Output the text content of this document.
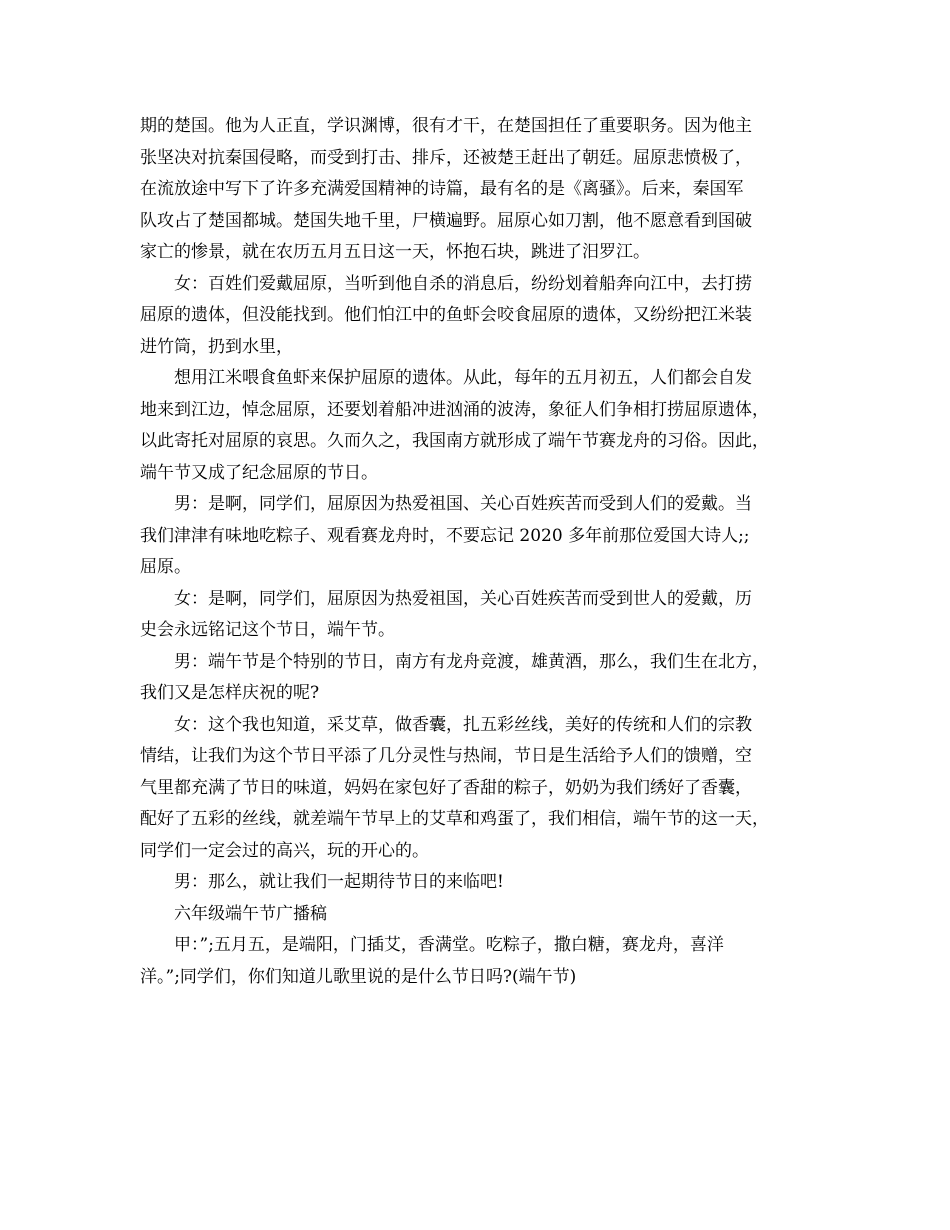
期的楚国。他为人正直，学识渊博，很有才干，在楚国担任了重要职务。因为他主
张坚决对抗秦国侵略，而受到打击、排斥，还被楚王赶出了朝廷。屈原悲愤极了，
在流放途中写下了许多充满爱国精神的诗篇，最有名的是《离骚》。后来，秦国军
队攻占了楚国都城。楚国失地千里，尸横遍野。屈原心如刀割，他不愿意看到国破
家亡的惨景，就在农历五月五日这一天，怀抱石块，跳进了汨罗江。
女：百姓们爱戴屈原，当听到他自杀的消息后，纷纷划着船奔向江中，去打捞
屈原的遗体，但没能找到。他们怕江中的鱼虾会咬食屈原的遗体，又纷纷把江米装
进竹筒，扔到水里，
想用江米喂食鱼虾来保护屈原的遗体。从此，每年的五月初五，人们都会自发
地来到江边，悼念屈原，还要划着船冲进汹涌的波涛，象征人们争相打捞屈原遗体，
以此寄托对屈原的哀思。久而久之，我国南方就形成了端午节赛龙舟的习俗。因此，
端午节又成了纪念屈原的节日。
男：是啊，同学们，屈原因为热爱祖国、关心百姓疾苦而受到人们的爱戴。当
我们津津有味地吃粽子、观看赛龙舟时，不要忘记 2020 多年前那位爱国大诗人;;
屈原。
女：是啊，同学们，屈原因为热爱祖国，关心百姓疾苦而受到世人的爱戴，历
史会永远铭记这个节日，端午节。
男：端午节是个特别的节日，南方有龙舟竞渡，雄黄酒，那么，我们生在北方，
我们又是怎样庆祝的呢?
女：这个我也知道，采艾草，做香囊，扎五彩丝线，美好的传统和人们的宗教
情结，让我们为这个节日平添了几分灵性与热闹，节日是生活给予人们的馈赠，空
气里都充满了节日的味道，妈妈在家包好了香甜的粽子，奶奶为我们绣好了香囊，
配好了五彩的丝线，就差端午节早上的艾草和鸡蛋了，我们相信，端午节的这一天，
同学们一定会过的高兴，玩的开心的。
男：那么，就让我们一起期待节日的来临吧!
六年级端午节广播稿
甲：”;五月五，是端阳，门插艾，香满堂。吃粽子，撒白糖，赛龙舟，喜洋
洋。”;同学们，你们知道儿歌里说的是什么节日吗?(端午节)
